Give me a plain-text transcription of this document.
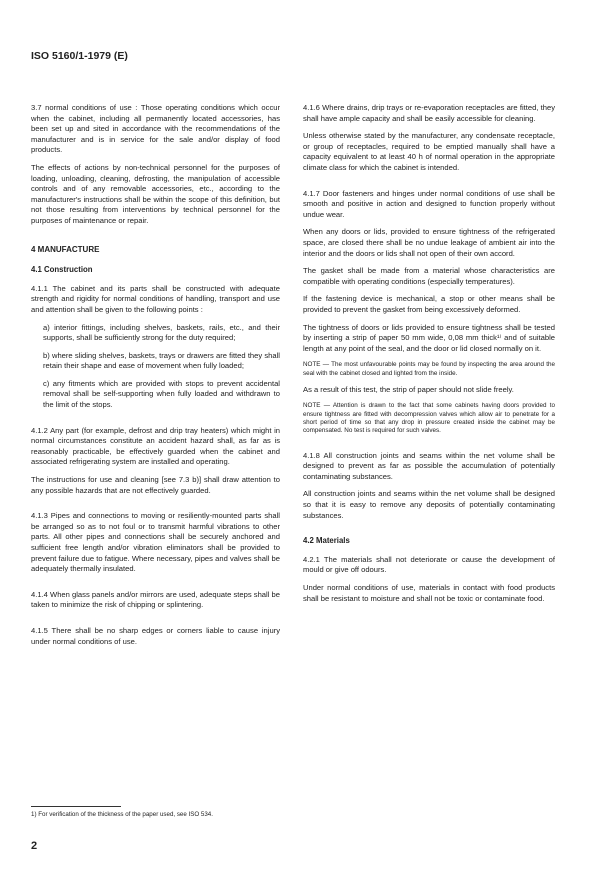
ISO 5160/1-1979 (E)

3.7 normal conditions of use : Those operating conditions which occur when the cabinet, including all permanently located accessories, has been set up and sited in accordance with the recommendations of the manufacturer and is in service for the sale and/or display of food products.

The effects of actions by non-technical personnel for the purposes of loading, unloading, cleaning, defrosting, the manipulation of accessible controls and of any removable accessories, etc., according to the manufacturer's instructions shall be within the scope of this definition, but not those resulting from interventions by technical personnel for the purposes of maintenance or repair.

4 MANUFACTURE
4.1 Construction

4.1.1 The cabinet and its parts shall be constructed with adequate strength and rigidity for normal conditions of handling, transport and use and attention shall be given to the following points :

a) interior fittings, including shelves, baskets, rails, etc., and their supports, shall be sufficiently strong for the duty required;

b) where sliding shelves, baskets, trays or drawers are fitted they shall retain their shape and ease of movement when fully loaded;

c) any fitments which are provided with stops to prevent accidental removal shall be self-supporting when fully loaded and withdrawn to the limit of the stops.

4.1.2 Any part (for example, defrost and drip tray heaters) which might in normal circumstances constitute an accident hazard shall, as far as is reasonably practicable, be effectively guarded when the cabinet and associated refrigerating system are installed and operating.

The instructions for use and cleaning [see 7.3 b)] shall draw attention to any possible hazards that are not effectively guarded.

4.1.3 Pipes and connections to moving or resiliently-mounted parts shall be arranged so as to not foul or to transmit harmful vibrations to other parts. All other pipes and connections shall be securely anchored and sufficient free length and/or vibration eliminators shall be provided to prevent failure due to fatigue. Where necessary, pipes and valves shall be adequately thermally insulated.

4.1.4 When glass panels and/or mirrors are used, adequate steps shall be taken to minimize the risk of chipping or splintering.

4.1.5 There shall be no sharp edges or corners liable to cause injury under normal conditions of use.

4.1.6 Where drains, drip trays or re-evaporation receptacles are fitted, they shall have ample capacity and shall be easily accessible for cleaning.

Unless otherwise stated by the manufacturer, any condensate receptacle, or group of receptacles, required to be emptied manually shall have a capacity equivalent to at least 40 h of normal operation in the appropriate climate class for which the cabinet is intended.

4.1.7 Door fasteners and hinges under normal conditions of use shall be smooth and positive in action and designed to function properly without undue wear.

When any doors or lids, provided to ensure tightness of the refrigerated space, are closed there shall be no undue leakage of ambient air into the interior and the doors or lids shall not open of their own accord.

The gasket shall be made from a material whose characteristics are compatible with operating conditions (especially temperatures).

If the fastening device is mechanical, a stop or other means shall be provided to prevent the gasket from being excessively deformed.

The tightness of doors or lids provided to ensure tightness shall be tested by inserting a strip of paper 50 mm wide, 0,08 mm thick¹⁾ and of suitable length at any point of the seal, and the door or lid closed normally on it.

NOTE — The most unfavourable points may be found by inspecting the area around the seal with the cabinet closed and lighted from the inside.

As a result of this test, the strip of paper should not slide freely.

NOTE — Attention is drawn to the fact that some cabinets having doors provided to ensure tightness are fitted with decompression valves which allow air to penetrate for a short period of time so that any drop in pressure created inside the cabinet may be compensated. No test is required for such valves.

4.1.8 All construction joints and seams within the net volume shall be designed to prevent as far as possible the accumulation of potentially contaminating substances.

All construction joints and seams within the net volume shall be designed so that it is easy to remove any deposits of potentially contaminating substances.

4.2 Materials

4.2.1 The materials shall not deteriorate or cause the development of mould or give off odours.

Under normal conditions of use, materials in contact with food products shall be resistant to moisture and shall not be toxic or contaminate food.

1) For verification of the thickness of the paper used, see ISO 534.
2
